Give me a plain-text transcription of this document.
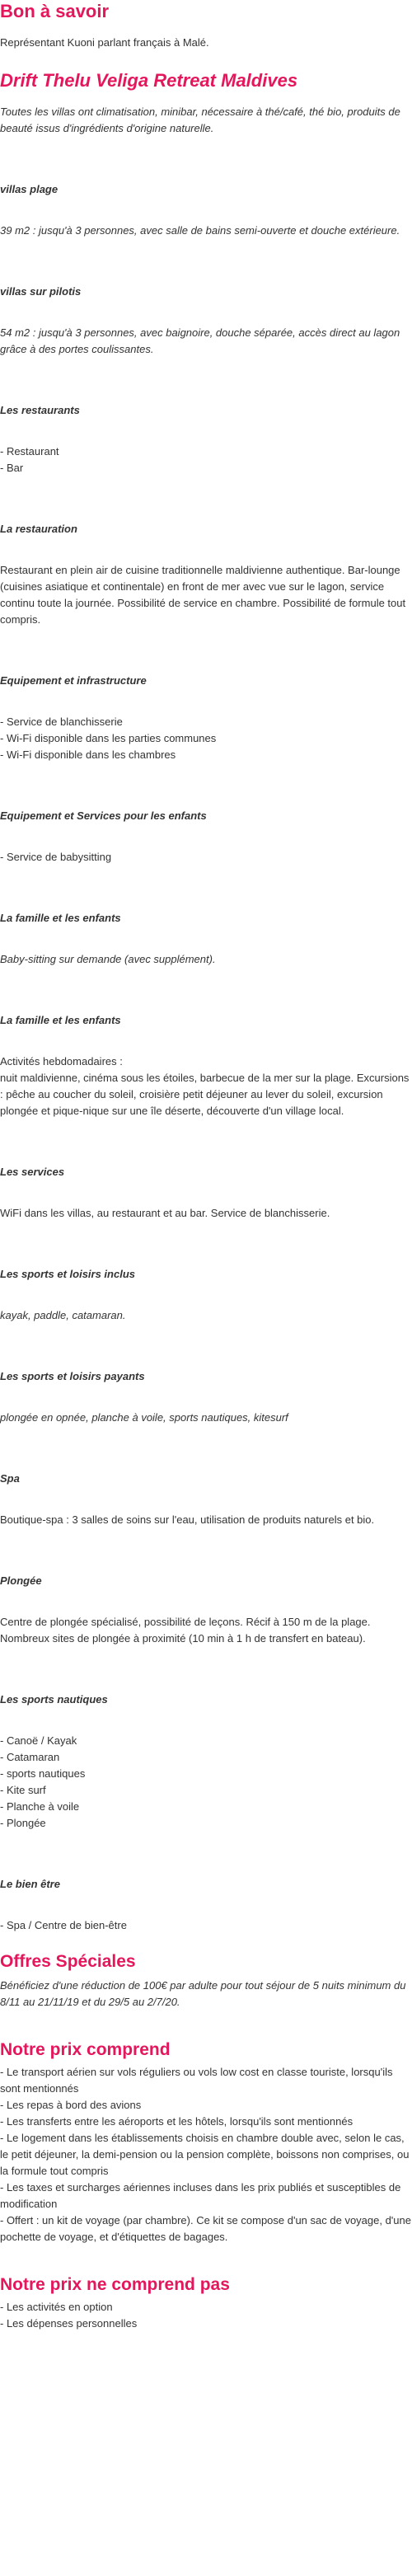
Bon à savoir

Représentant Kuoni parlant français à Malé.

Drift Thelu Veliga Retreat Maldives

Toutes les villas ont climatisation, minibar, nécessaire à thé/café, thé bio, produits de beauté issus d'ingrédients d'origine naturelle.

villas plage

39 m2 : jusqu'à 3 personnes, avec salle de bains semi-ouverte et douche extérieure.

villas sur pilotis

54 m2 : jusqu'à 3 personnes, avec baignoire, douche séparée, accès direct au lagon grâce à des portes coulissantes.

Les restaurants

- Restaurant
- Bar

La restauration

Restaurant en plein air de cuisine traditionnelle maldivienne authentique. Bar-lounge (cuisines asiatique et continentale) en front de mer avec vue sur le lagon, service continu toute la journée. Possibilité de service en chambre. Possibilité de formule tout compris.

Equipement et infrastructure

- Service de blanchisserie
- Wi-Fi disponible dans les parties communes
- Wi-Fi disponible dans les chambres

Equipement et Services pour les enfants

- Service de babysitting

La famille et les enfants

Baby-sitting sur demande (avec supplément).

La famille et les enfants

Activités hebdomadaires :

nuit maldivienne, cinéma sous les étoiles, barbecue de la mer sur la plage. Excursions : pêche au coucher du soleil, croisière petit déjeuner au lever du soleil, excursion plongée et pique-nique sur une île déserte, découverte d'un village local.

Les services

WiFi dans les villas, au restaurant et au bar. Service de blanchisserie.

Les sports et loisirs inclus

kayak, paddle, catamaran.

Les sports et loisirs payants

plongée en opnée, planche à voile, sports nautiques, kitesurf

Spa

Boutique-spa : 3 salles de soins sur l'eau, utilisation de produits naturels et bio.

Plongée

Centre de plongée spécialisé, possibilité de leçons. Récif à 150 m de la plage. Nombreux sites de plongée à proximité (10 min à 1 h de transfert en bateau).

Les sports nautiques

- Canoë / Kayak
- Catamaran
- sports nautiques
- Kite surf
- Planche à voile
- Plongée

Le bien être

- Spa / Centre de bien-être
Offres Spéciales

Bénéficiez d'une réduction de 100€ par adulte pour tout séjour de 5 nuits minimum du 8/11 au 21/11/19 et du 29/5 au 2/7/20.

Notre prix comprend
- Le transport aérien sur vols réguliers ou vols low cost en classe touriste, lorsqu'ils sont mentionnés
- Les repas à bord des avions
- Les transferts entre les aéroports et les hôtels, lorsqu'ils sont mentionnés
- Le logement dans les établissements choisis en chambre double avec, selon le cas, le petit déjeuner, la demi-pension ou la pension complète, boissons non comprises, ou la formule tout compris
- Les taxes et surcharges aériennes incluses dans les prix publiés et susceptibles de modification
- Offert : un kit de voyage (par chambre). Ce kit se compose d'un sac de voyage, d'une pochette de voyage, et d'étiquettes de bagages.
Notre prix ne comprend pas
- Les activités en option
- Les dépenses personnelles
